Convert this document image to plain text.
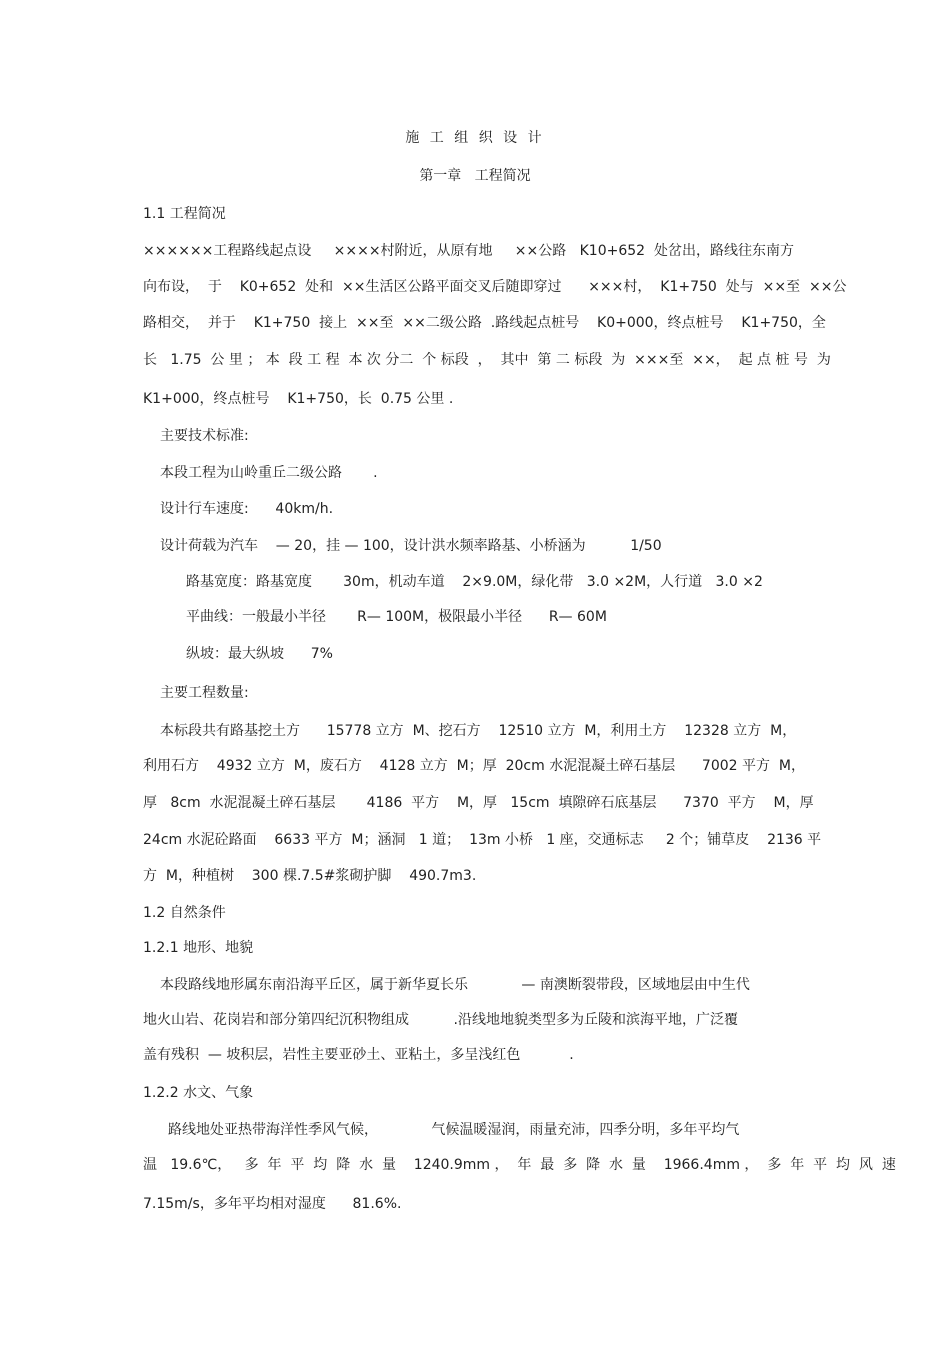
施 工 组 织 设 计
第一章   工程简况
1.1 工程简况
××××××工程路线起点设     ××××村附近，从原有地     ××公路   K10+652  处岔出，路线往东南方
向布设，  于    K0+652  处和  ××生活区公路平面交叉后随即穿过      ×××村，  K1+750  处与  ××至  ××公
路相交，  并于    K1+750  接上  ××至  ××二级公路  .路线起点桩号    K0+000，终点桩号    K1+750，全
长   1.75  公 里 ； 本  段 工 程  本 次 分二  个 标段  ，  其中  第 二 标段  为  ×××至  ××，  起 点 桩 号  为
K1+000，终点桩号    K1+750，长  0.75 公里 .
主要技术标准:
本段工程为山岭重丘二级公路       .
设计行车速度:      40km/h.
设计荷载为汽车    — 20，挂 — 100，设计洪水频率路基、小桥涵为          1/50
路基宽度：路基宽度       30m，机动车道    2×9.0M，绿化带   3.0 ×2M，人行道   3.0 ×2
平曲线：一般最小半径       R— 100M，极限最小半径      R— 60M
纵坡：最大纵坡      7%
主要工程数量:
本标段共有路基挖土方      15778 立方  M、挖石方    12510 立方  M，利用土方    12328 立方  M，
利用石方    4932 立方  M，废石方    4128 立方  M；厚  20cm 水泥混凝土碎石基层      7002 平方  M，
厚   8cm  水泥混凝土碎石基层       4186  平方    M，厚   15cm  填隙碎石底基层      7370  平方    M，厚
24cm 水泥砼路面    6633 平方  M；涵洞   1 道；  13m 小桥   1 座，交通标志     2 个；铺草皮    2136 平
方  M，种植树    300 棵.7.5#浆砌护脚    490.7m3.
1.2 自然条件
1.2.1 地形、地貌
本段路线地形属东南沿海平丘区，属于新华夏长乐            — 南澳断裂带段，区域地层由中生代
地火山岩、花岗岩和部分第四纪沉积物组成          .沿线地地貌类型多为丘陵和滨海平地，广泛覆
盖有残积  — 坡积层，岩性主要亚砂土、亚粘土，多呈浅红色           .
1.2.2 水文、气象
路线地处亚热带海洋性季风气候，            气候温暖湿润，雨量充沛，四季分明，多年平均气
温   19.6℃，   多  年  平  均  降  水  量    1240.9mm ，  年  最  多  降  水  量    1966.4mm ，  多  年  平  均  风  速
7.15m/s，多年平均相对湿度      81.6%.
